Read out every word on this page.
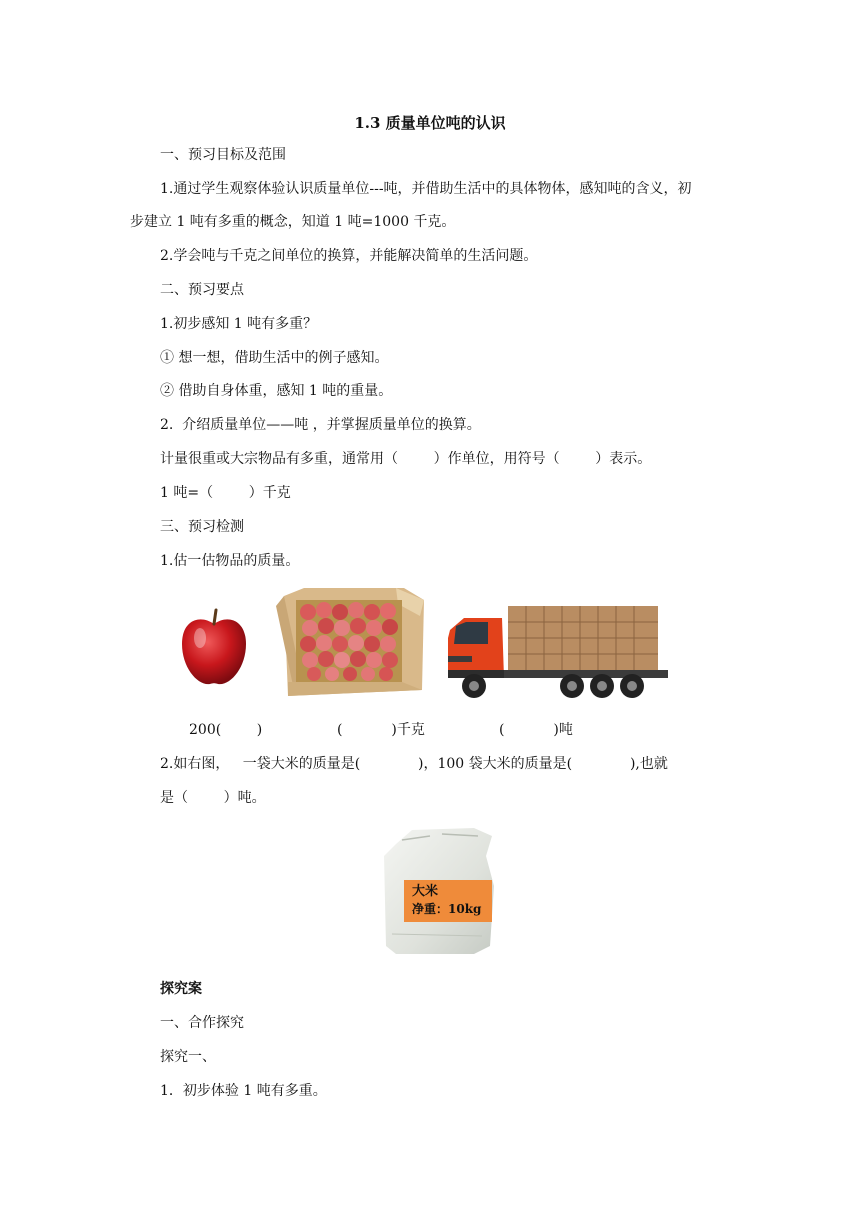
1.3 质量单位吨的认识
一、预习目标及范围
1.通过学生观察体验认识质量单位---吨，并借助生活中的具体物体，感知吨的含义，初
步建立 1 吨有多重的概念，知道 1 吨=1000 千克。
2.学会吨与千克之间单位的换算，并能解决简单的生活问题。
二、预习要点
1.初步感知 1 吨有多重？
① 想一想，借助生活中的例子感知。
② 借助自身体重，感知 1 吨的重量。
2.  介绍质量单位——吨 ，并掌握质量单位的换算。
计量很重或大宗物品有多重，通常用（        ）作单位，用符号（        ）表示。
1 吨=（        ）千克
三、预习检测
1.估一估物品的质量。
200(        )	(           )千克	(           )吨
2.如右图，   一袋大米的质量是(             )，100 袋大米的质量是(             ),也就
是（        ）吨。
大米
净重：10kg
探究案
一、合作探究
探究一、
1．初步体验 1 吨有多重。
